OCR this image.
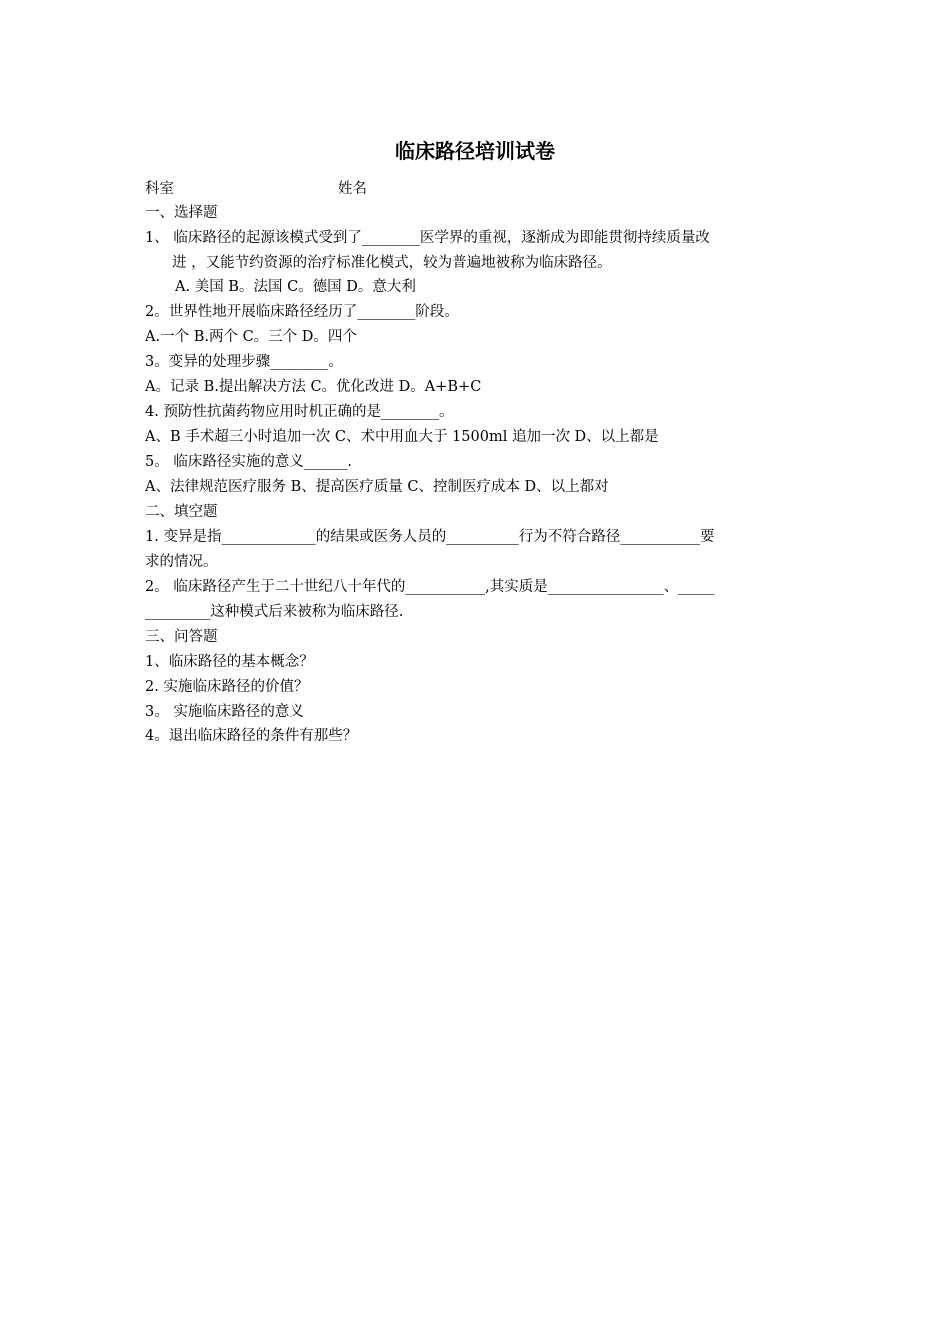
临床路径培训试卷
科室	姓名
一、选择题
1、 临床路径的起源该模式受到了________医学界的重视，逐渐成为即能贯彻持续质量改
进 ，又能节约资源的治疗标准化模式，较为普遍地被称为临床路径。
A. 美国 B。法国 C。德国 D。意大利
2。世界性地开展临床路径经历了________阶段。
A.一个 B.两个 C。三个 D。四个
3。变异的处理步骤________。
A。记录 B.提出解决方法 C。优化改进 D。A+B+C
4. 预防性抗菌药物应用时机正确的是________。
A、B 手术超三小时追加一次 C、术中用血大于 1500ml 追加一次 D、以上都是
5。 临床路径实施的意义______.
A、法律规范医疗服务 B、提高医疗质量 C、控制医疗成本 D、以上都对
二、填空题
1. 变异是指_____________的结果或医务人员的__________行为不符合路径___________要
求的情况。
2。 临床路径产生于二十世纪八十年代的___________,其实质是________________、_____
_________这种模式后来被称为临床路径.
三、问答题
1、临床路径的基本概念？
2. 实施临床路径的价值？
3。 实施临床路径的意义
4。退出临床路径的条件有那些？
